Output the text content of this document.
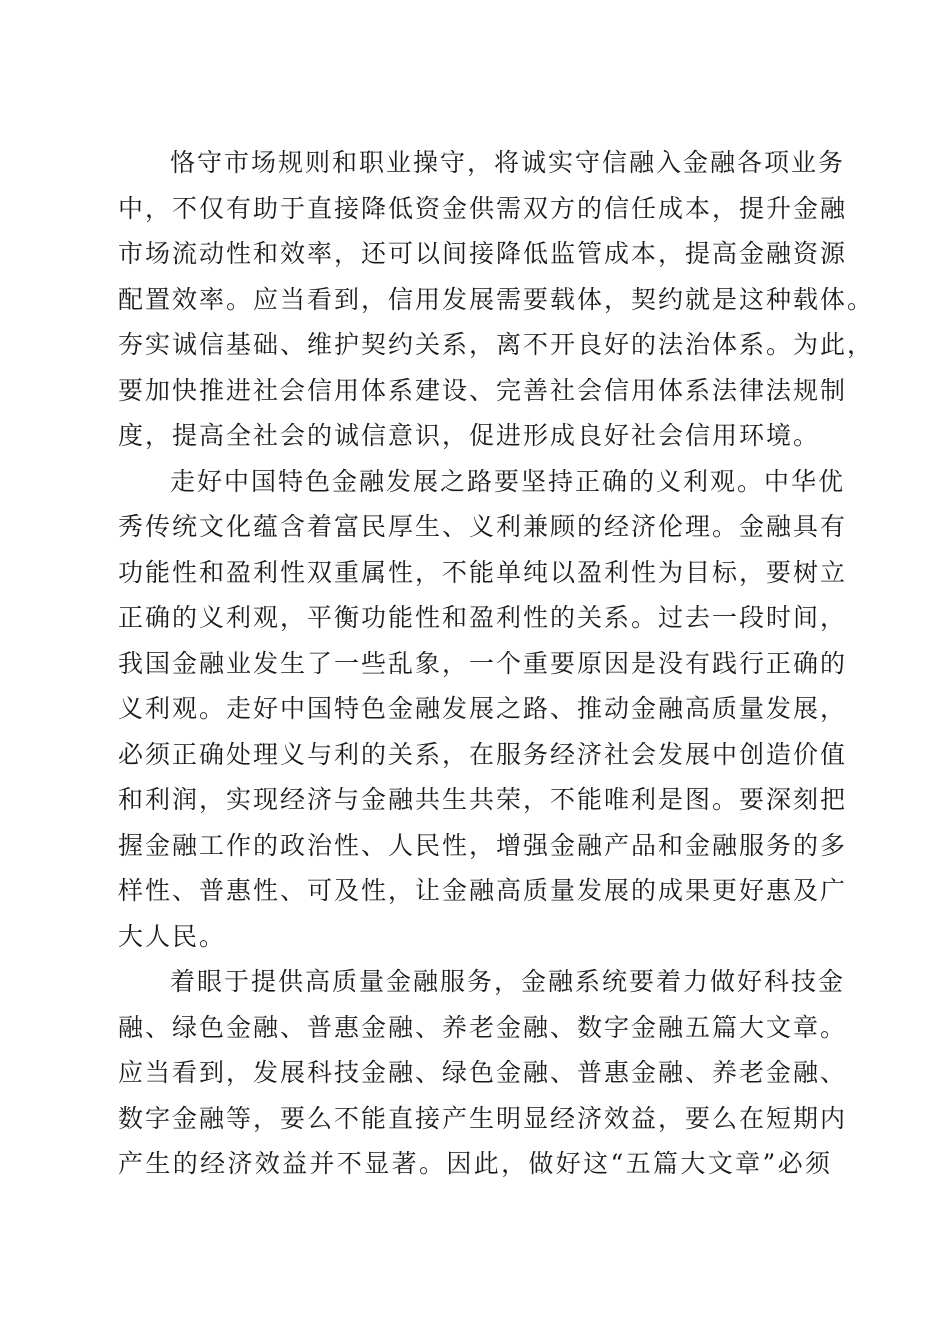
恪守市场规则和职业操守，将诚实守信融入金融各项业务
中，不仅有助于直接降低资金供需双方的信任成本，提升金融
市场流动性和效率，还可以间接降低监管成本，提高金融资源
配置效率。应当看到，信用发展需要载体，契约就是这种载体。
夯实诚信基础、维护契约关系，离不开良好的法治体系。为此，
要加快推进社会信用体系建设、完善社会信用体系法律法规制
度，提高全社会的诚信意识，促进形成良好社会信用环境。
走好中国特色金融发展之路要坚持正确的义利观。中华优
秀传统文化蕴含着富民厚生、义利兼顾的经济伦理。金融具有
功能性和盈利性双重属性，不能单纯以盈利性为目标，要树立
正确的义利观，平衡功能性和盈利性的关系。过去一段时间，
我国金融业发生了一些乱象，一个重要原因是没有践行正确的
义利观。走好中国特色金融发展之路、推动金融高质量发展，
必须正确处理义与利的关系，在服务经济社会发展中创造价值
和利润，实现经济与金融共生共荣，不能唯利是图。要深刻把
握金融工作的政治性、人民性，增强金融产品和金融服务的多
样性、普惠性、可及性，让金融高质量发展的成果更好惠及广
大人民。
着眼于提供高质量金融服务，金融系统要着力做好科技金
融、绿色金融、普惠金融、养老金融、数字金融五篇大文章。
应当看到，发展科技金融、绿色金融、普惠金融、养老金融、
数字金融等，要么不能直接产生明显经济效益，要么在短期内
产生的经济效益并不显著。因此，做好这“五篇大文章”必须
